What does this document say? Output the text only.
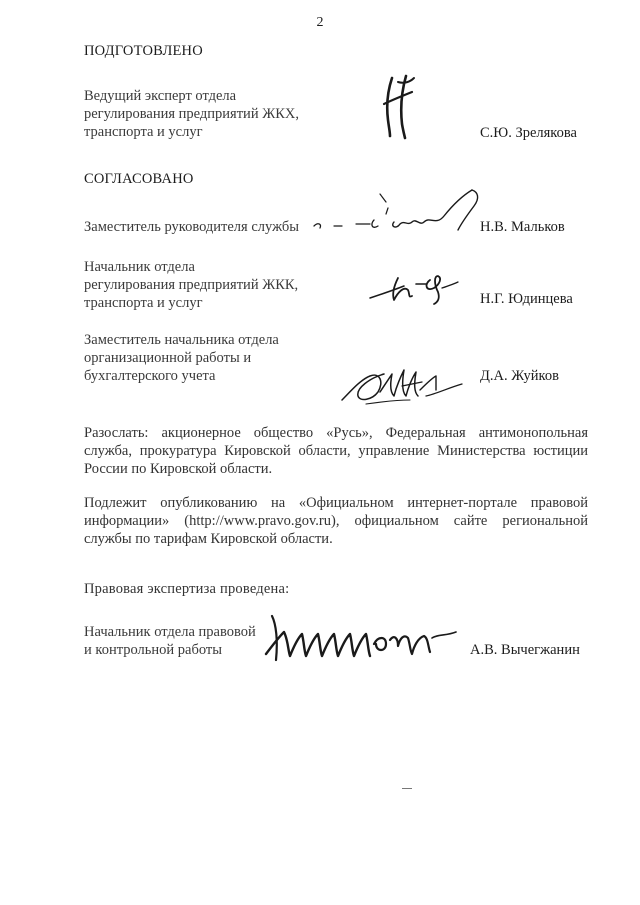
2
ПОДГОТОВЛЕНО
Ведущий эксперт отдела
регулирования предприятий ЖКХ,
транспорта и услуг	С.Ю. Зрелякова
СОГЛАСОВАНО
Заместитель руководителя службы	Н.В. Мальков
Начальник отдела
регулирования предприятий ЖКК,
транспорта и услуг	Н.Г. Юдинцева
Заместитель начальника отдела
организационной работы и
бухгалтерского учета	Д.А. Жуйков
Разослать: акционерное общество «Русь», Федеральная антимонопольная служба, прокуратура Кировской области, управление Министерства юстиции России по Кировской области.
Подлежит опубликованию на «Официальном интернет-портале правовой информации» (http://www.pravo.gov.ru), официальном сайте региональной службы по тарифам Кировской области.
Правовая экспертиза проведена:
Начальник отдела правовой
и контрольной работы	А.В. Вычегжанин
